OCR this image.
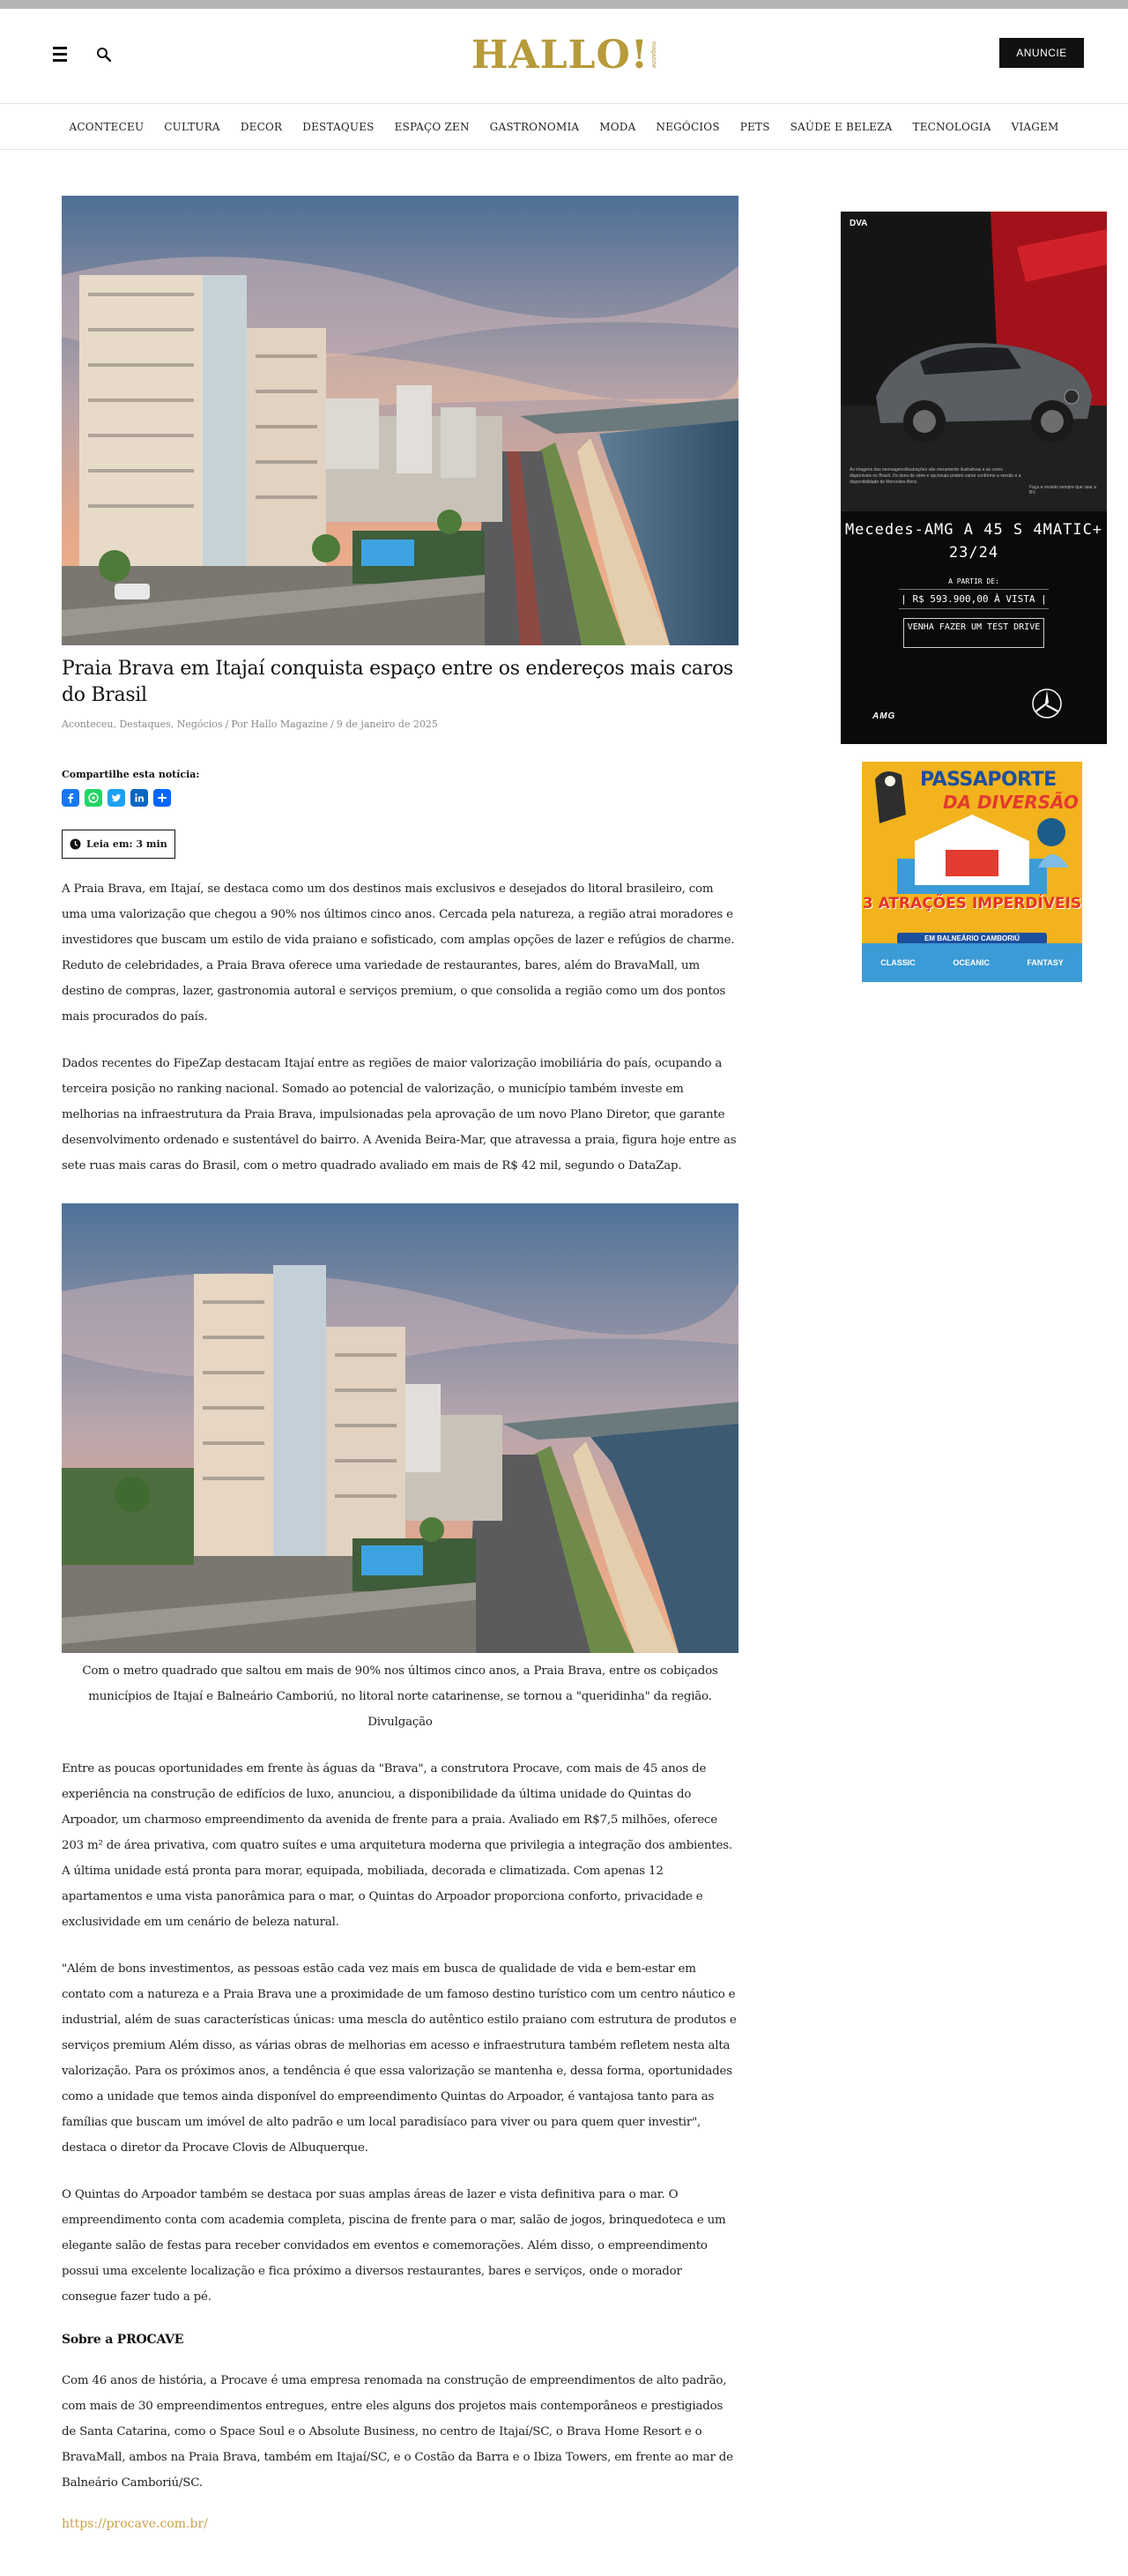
HALLO! magazine	ANUNCIE
ACONTECEU CULTURA DECOR DESTAQUES ESPAÇO ZEN GASTRONOMIA MODA NEGÓCIOS PETS SAÚDE E BELEZA TECNOLOGIA VIAGEM
Praia Brava em Itajaí conquista espaço entre os endereços mais caros do Brasil
Aconteceu, Destaques, Negócios / Por Hallo Magazine / 9 de janeiro de 2025
Compartilhe esta notícia:
Leia em: 3 min

A Praia Brava, em Itajaí, se destaca como um dos destinos mais exclusivos e desejados do litoral brasileiro, com uma uma valorização que chegou a 90% nos últimos cinco anos. Cercada pela natureza, a região atrai moradores e investidores que buscam um estilo de vida praiano e sofisticado, com amplas opções de lazer e refúgios de charme. Reduto de celebridades, a Praia Brava oferece uma variedade de restaurantes, bares, além do BravaMall, um destino de compras, lazer, gastronomia autoral e serviços premium, o que consolida a região como um dos pontos mais procurados do país.

Dados recentes do FipeZap destacam Itajaí entre as regiões de maior valorização imobiliária do país, ocupando a terceira posição no ranking nacional. Somado ao potencial de valorização, o município também investe em melhorias na infraestrutura da Praia Brava, impulsionadas pela aprovação de um novo Plano Diretor, que garante desenvolvimento ordenado e sustentável do bairro. A Avenida Beira-Mar, que atravessa a praia, figura hoje entre as sete ruas mais caras do Brasil, com o metro quadrado avaliado em mais de R$ 42 mil, segundo o DataZap.

Com o metro quadrado que saltou em mais de 90% nos últimos cinco anos, a Praia Brava, entre os cobiçados municípios de Itajaí e Balneário Camboriú, no litoral norte catarinense, se tornou a "queridinha" da região. Divulgação

Entre as poucas oportunidades em frente às águas da "Brava", a construtora Procave, com mais de 45 anos de experiência na construção de edifícios de luxo, anunciou, a disponibilidade da última unidade do Quintas do Arpoador, um charmoso empreendimento da avenida de frente para a praia. Avaliado em R$7,5 milhões, oferece 203 m² de área privativa, com quatro suítes e uma arquitetura moderna que privilegia a integração dos ambientes. A última unidade está pronta para morar, equipada, mobiliada, decorada e climatizada. Com apenas 12 apartamentos e uma vista panorâmica para o mar, o Quintas do Arpoador proporciona conforto, privacidade e exclusividade em um cenário de beleza natural.

"Além de bons investimentos, as pessoas estão cada vez mais em busca de qualidade de vida e bem-estar em contato com a natureza e a Praia Brava une a proximidade de um famoso destino turístico com um centro náutico e industrial, além de suas características únicas: uma mescla do autêntico estilo praiano com estrutura de produtos e serviços premium Além disso, as várias obras de melhorias em acesso e infraestrutura também refletem nesta alta valorização. Para os próximos anos, a tendência é que essa valorização se mantenha e, dessa forma, oportunidades como a unidade que temos ainda disponível do empreendimento Quintas do Arpoador, é vantajosa tanto para as famílias que buscam um imóvel de alto padrão e um local paradisíaco para viver ou para quem quer investir", destaca o diretor da Procave Clovis de Albuquerque.

O Quintas do Arpoador também se destaca por suas amplas áreas de lazer e vista definitiva para o mar. O empreendimento conta com academia completa, piscina de frente para o mar, salão de jogos, brinquedoteca e um elegante salão de festas para receber convidados em eventos e comemorações. Além disso, o empreendimento possui uma excelente localização e fica próximo a diversos restaurantes, bares e serviços, onde o morador consegue fazer tudo a pé.

Sobre a PROCAVE

Com 46 anos de história, a Procave é uma empresa renomada na construção de empreendimentos de alto padrão, com mais de 30 empreendimentos entregues, entre eles alguns dos projetos mais contemporâneos e prestigiados de Santa Catarina, como o Space Soul e o Absolute Business, no centro de Itajaí/SC, o Brava Home Resort e o BravaMall, ambos na Praia Brava, também em Itajaí/SC, e o Costão da Barra e o Ibiza Towers, em frente ao mar de Balneário Camboriú/SC.

https://procave.com.br/
DVA
As imagens das mensagens/ilustrações são meramente ilustrativas e as cores disponíveis no Brasil. Os itens de série e opcionais podem variar conforme a versão e a disponibilidade do Mercedes-Benz.
Faça a revisão sempre que usar a BV.
Mecedes-AMG A 45 S 4MATIC+ 23/24
A PARTIR DE:
| R$ 593.900,00 À VISTA |
VENHA FAZER UM TEST DRIVE
AMG
PASSAPORTE
DA DIVERSÃO
3 ATRAÇÕES IMPERDÍVEIS
EM BALNEÁRIO CAMBORIÚ
CLASSIC	OCEANIC	FANTASY
